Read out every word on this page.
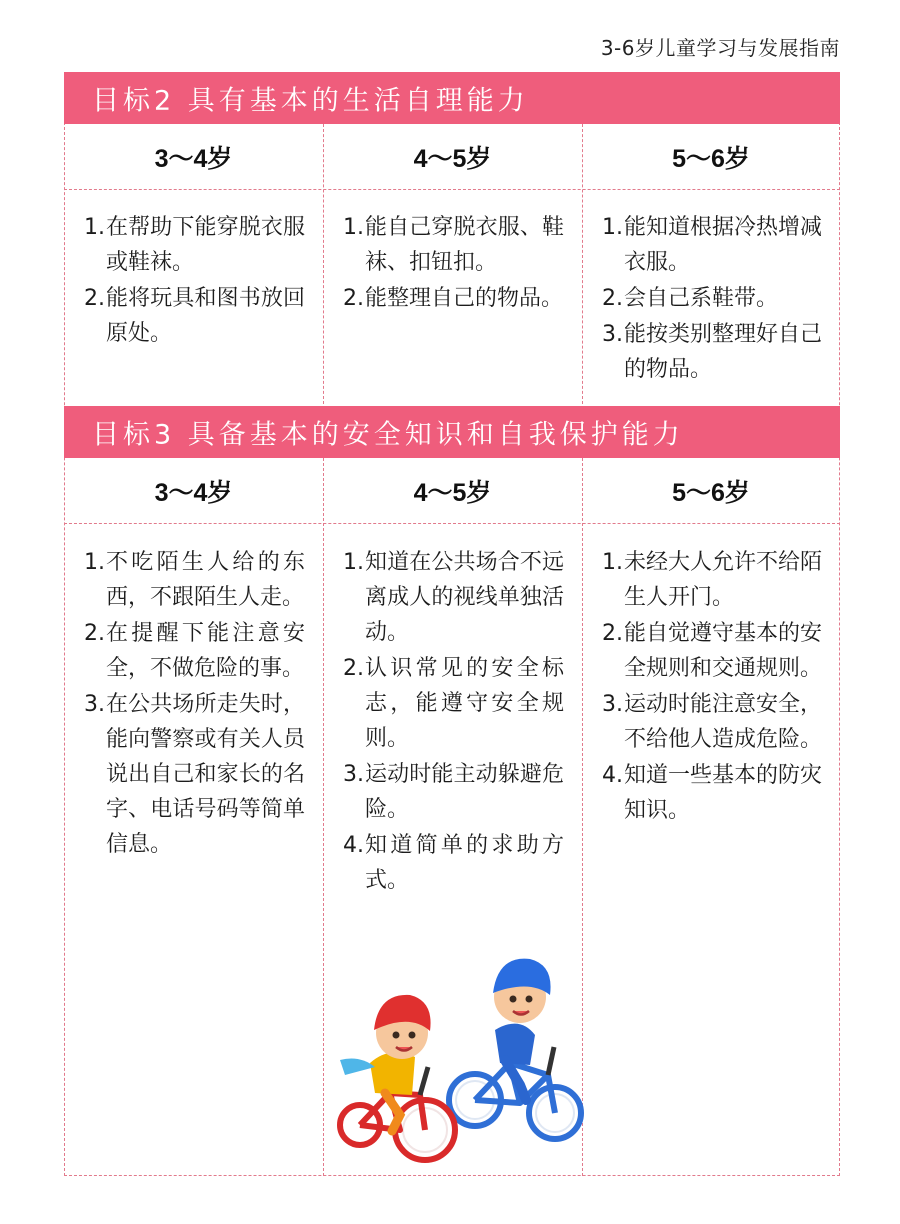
3-6岁儿童学习与发展指南
目标2 具有基本的生活自理能力
3～4岁	4～5岁	5～6岁
1. 在帮助下能穿脱衣服或鞋袜。
2. 能将玩具和图书放回原处。
1. 能自己穿脱衣服、鞋袜、扣钮扣。
2. 能整理自己的物品。
1. 能知道根据冷热增减衣服。
2. 会自己系鞋带。
3. 能按类别整理好自己的物品。
目标3 具备基本的安全知识和自我保护能力
3～4岁	4～5岁	5～6岁
1. 不吃陌生人给的东西，不跟陌生人走。
2. 在提醒下能注意安全，不做危险的事。
3. 在公共场所走失时，能向警察或有关人员说出自己和家长的名字、电话号码等简单信息。
1. 知道在公共场合不远离成人的视线单独活动。
2. 认识常见的安全标志，能遵守安全规则。
3. 运动时能主动躲避危险。
4. 知道简单的求助方式。
1. 未经大人允许不给陌生人开门。
2. 能自觉遵守基本的安全规则和交通规则。
3. 运动时能注意安全，不给他人造成危险。
4. 知道一些基本的防灾知识。
